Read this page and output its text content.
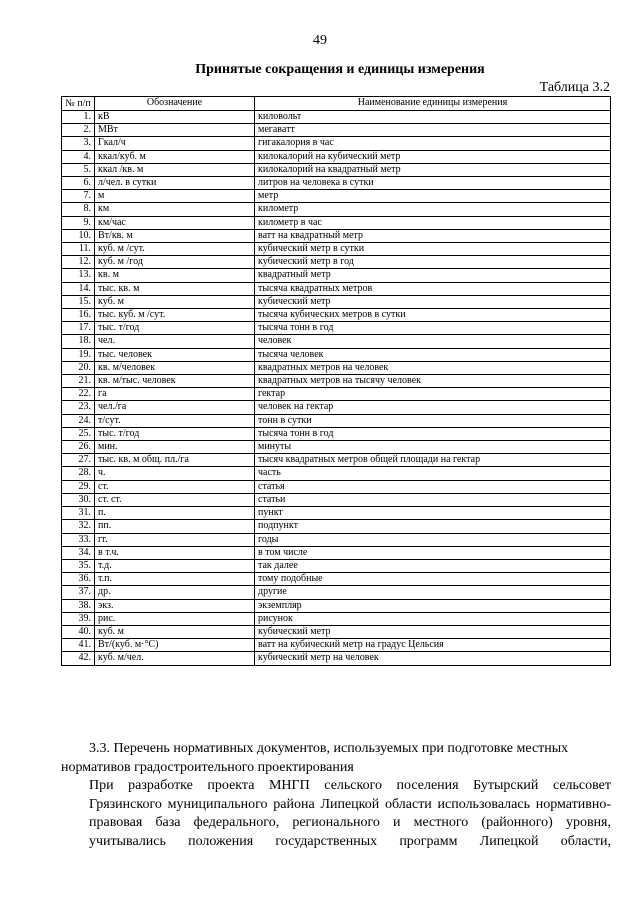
49
Принятые сокращения и единицы измерения
Таблица 3.2
№ п/п	Обозначение	Наименование единицы измерения
1.	кВ	киловольт
2.	МВт	мегаватт
3.	Гкал/ч	гигакалория в час
4.	ккал/куб. м	килокалорий на кубический метр
5.	ккал /кв. м	килокалорий на квадратный метр
6.	л/чел. в сутки	литров на человека в сутки
7.	м	метр
8.	км	километр
9.	км/час	километр в час
10.	Вт/кв. м	ватт на квадратный метр
11.	куб. м /сут.	кубический метр в сутки
12.	куб. м /год	кубический метр в год
13.	кв. м	квадратный метр
14.	тыс. кв. м	тысяча квадратных метров
15.	куб. м	кубический метр
16.	тыс. куб. м /сут.	тысяча кубических метров в сутки
17.	тыс. т/год	тысяча тонн в год
18.	чел.	человек
19.	тыс. человек	тысяча человек
20.	кв. м/человек	квадратных метров на человек
21.	кв. м/тыс. человек	квадратных метров на тысячу человек
22.	га	гектар
23.	чел./га	человек на гектар
24.	т/сут.	тонн в сутки
25.	тыс. т/год	тысяча тонн в год
26.	мин.	минуты
27.	тыс. кв. м общ. пл./га	тысяч квадратных метров общей площади на гектар
28.	ч.	часть
29.	ст.	статья
30.	ст. ст.	статьи
31.	п.	пункт
32.	пп.	подпункт
33.	гг.	годы
34.	в т.ч.	в том числе
35.	т.д.	так далее
36.	т.п.	тому подобные
37.	др.	другие
38.	экз.	экземпляр
39.	рис.	рисунок
40.	куб. м	кубический метр
41.	Вт/(куб. м·°С)	ватт на кубический метр на градус Цельсия
42.	куб. м/чел.	кубический метр на человек
3.3. Перечень нормативных документов, используемых при подготовке местных нормативов градостроительного проектирования
При разработке проекта МНГП сельского поселения Бутырский сельсовет
Грязинского муниципального района Липецкой области использовалась нормативно-
правовая база федерального, регионального и местного (районного) уровня,
учитывались положения государственных программ Липецкой области,
